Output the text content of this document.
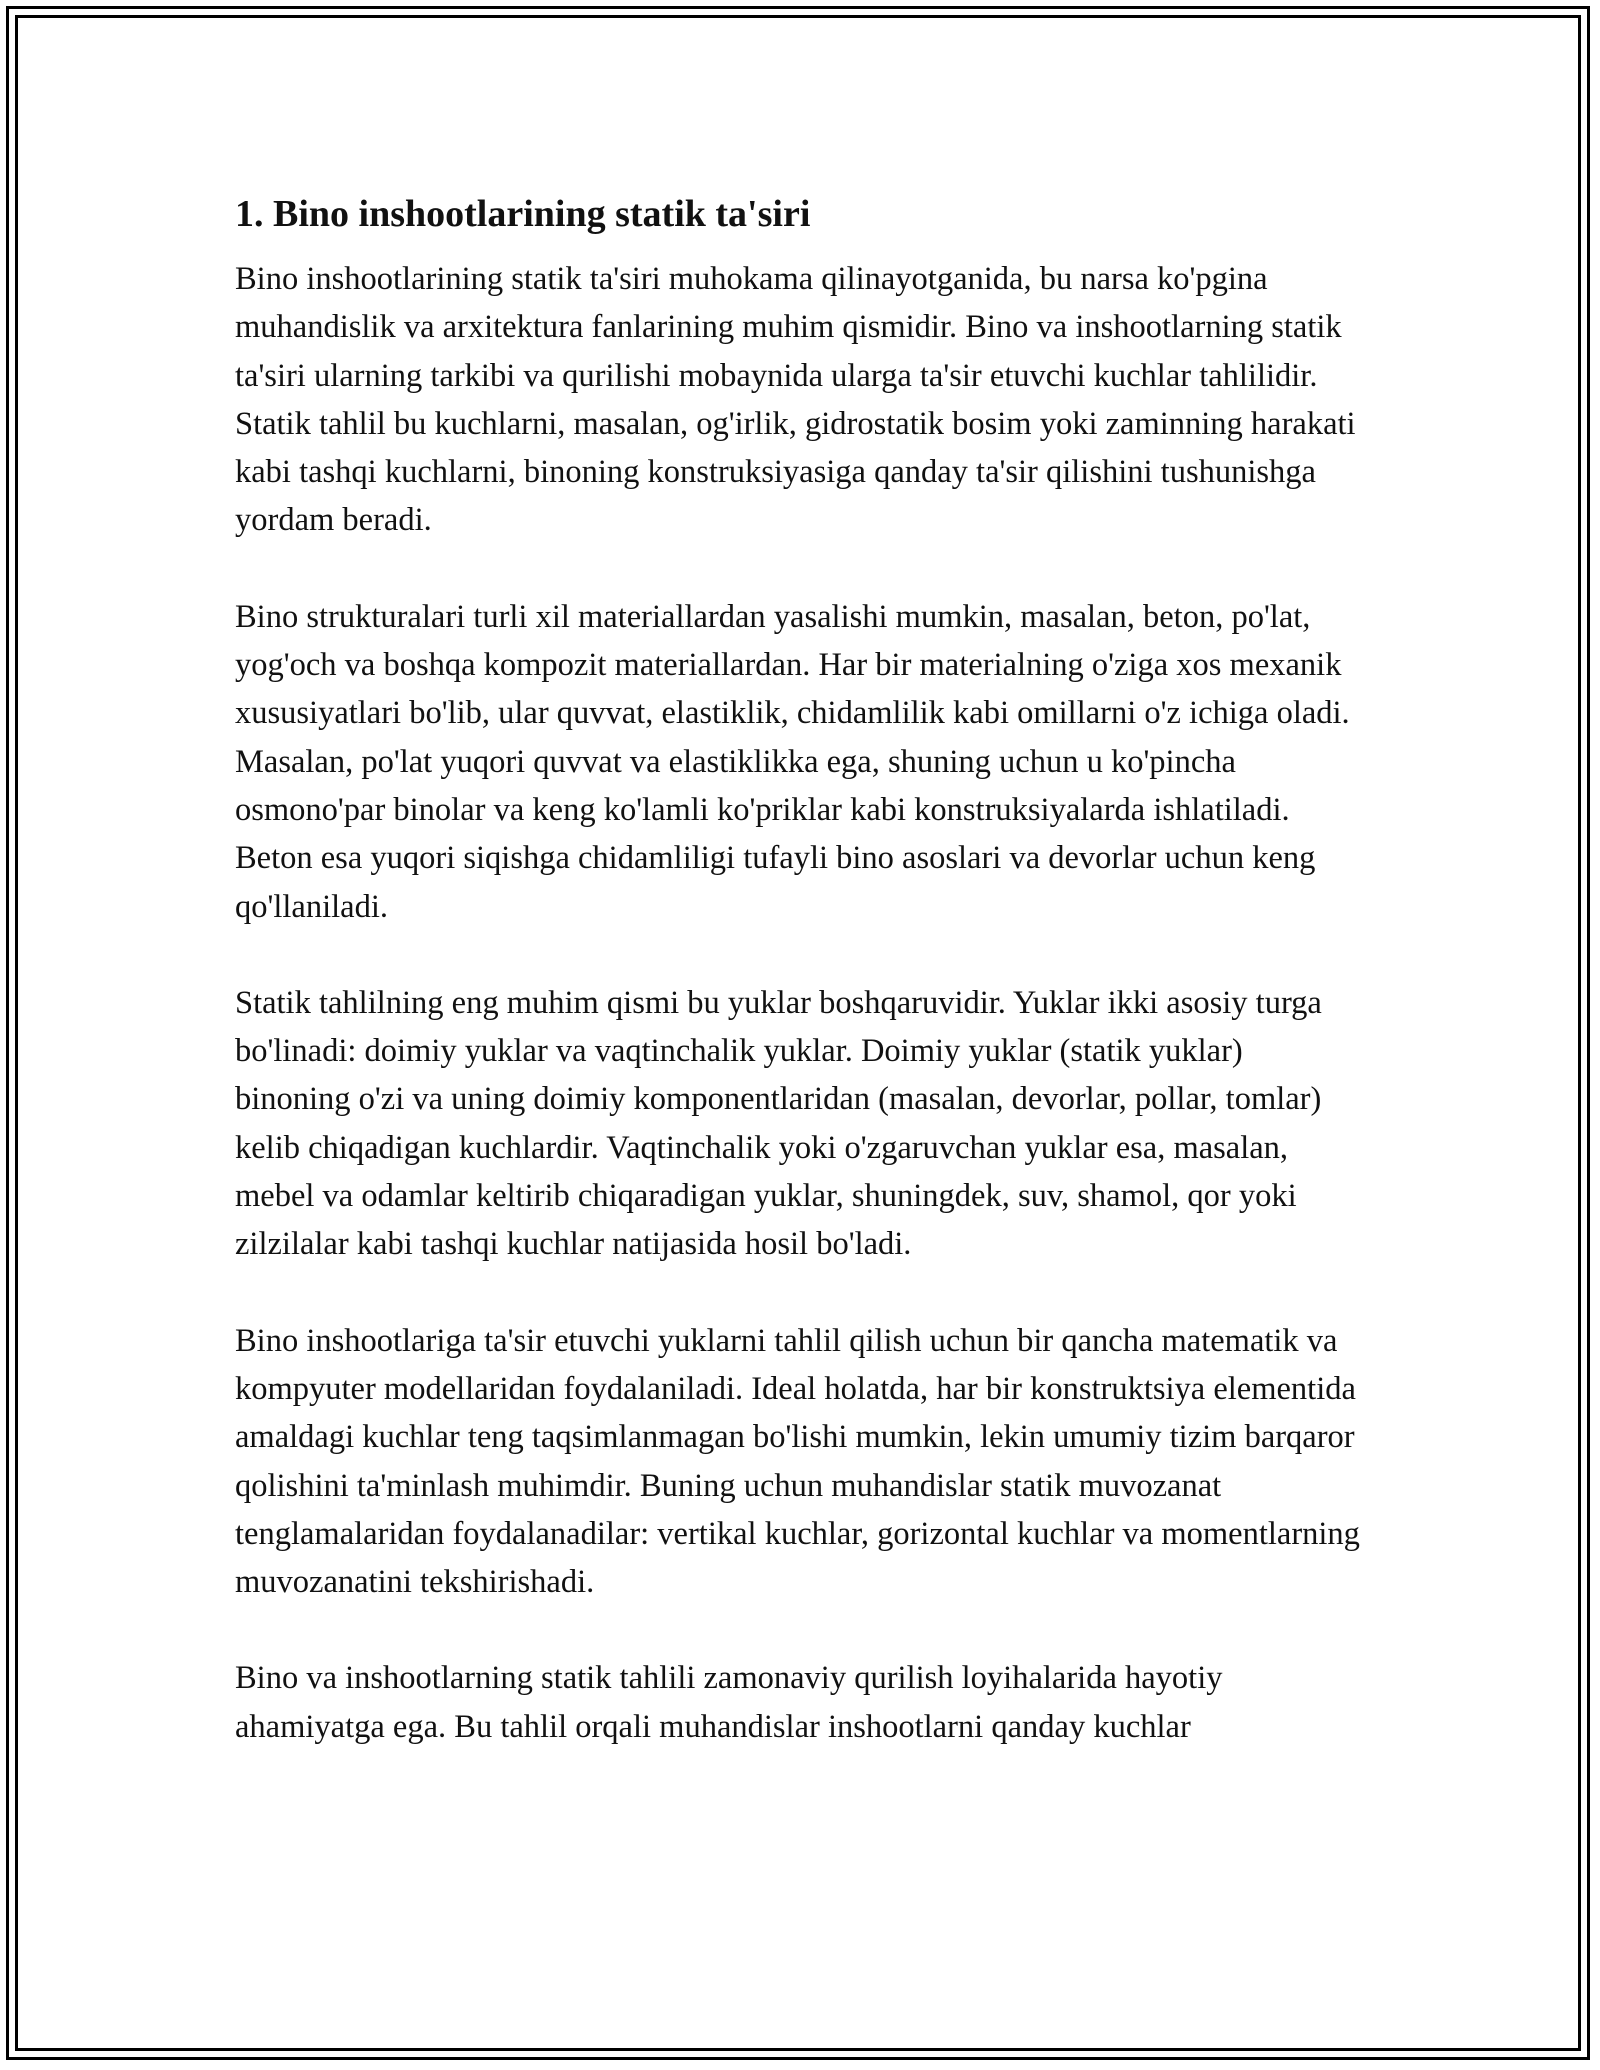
1. Bino inshootlarining statik ta'siri

Bino inshootlarining statik ta'siri muhokama qilinayotganida, bu narsa ko'pgina muhandislik va arxitektura fanlarining muhim qismidir. Bino va inshootlarning statik ta'siri ularning tarkibi va qurilishi mobaynida ularga ta'sir etuvchi kuchlar tahlilidir. Statik tahlil bu kuchlarni, masalan, og'irlik, gidrostatik bosim yoki zaminning harakati kabi tashqi kuchlarni, binoning konstruksiyasiga qanday ta'sir qilishini tushunishga yordam beradi.

Bino strukturalari turli xil materiallardan yasalishi mumkin, masalan, beton, po'lat, yog'och va boshqa kompozit materiallardan. Har bir materialning o'ziga xos mexanik xususiyatlari bo'lib, ular quvvat, elastiklik, chidamlilik kabi omillarni o'z ichiga oladi. Masalan, po'lat yuqori quvvat va elastiklikka ega, shuning uchun u ko'pincha osmono'par binolar va keng ko'lamli ko'priklar kabi konstruksiyalarda ishlatiladi. Beton esa yuqori siqishga chidamliligi tufayli bino asoslari va devorlar uchun keng qo'llaniladi.

Statik tahlilning eng muhim qismi bu yuklar boshqaruvidir. Yuklar ikki asosiy turga bo'linadi: doimiy yuklar va vaqtinchalik yuklar. Doimiy yuklar (statik yuklar) binoning o'zi va uning doimiy komponentlaridan (masalan, devorlar, pollar, tomlar) kelib chiqadigan kuchlardir. Vaqtinchalik yoki o'zgaruvchan yuklar esa, masalan, mebel va odamlar keltirib chiqaradigan yuklar, shuningdek, suv, shamol, qor yoki zilzilalar kabi tashqi kuchlar natijasida hosil bo'ladi.

Bino inshootlariga ta'sir etuvchi yuklarni tahlil qilish uchun bir qancha matematik va kompyuter modellaridan foydalaniladi. Ideal holatda, har bir konstruktsiya elementida amaldagi kuchlar teng taqsimlanmagan bo'lishi mumkin, lekin umumiy tizim barqaror qolishini ta'minlash muhimdir. Buning uchun muhandislar statik muvozanat tenglamalaridan foydalanadilar: vertikal kuchlar, gorizontal kuchlar va momentlarning muvozanatini tekshirishadi.

Bino va inshootlarning statik tahlili zamonaviy qurilish loyihalarida hayotiy ahamiyatga ega. Bu tahlil orqali muhandislar inshootlarni qanday kuchlar
